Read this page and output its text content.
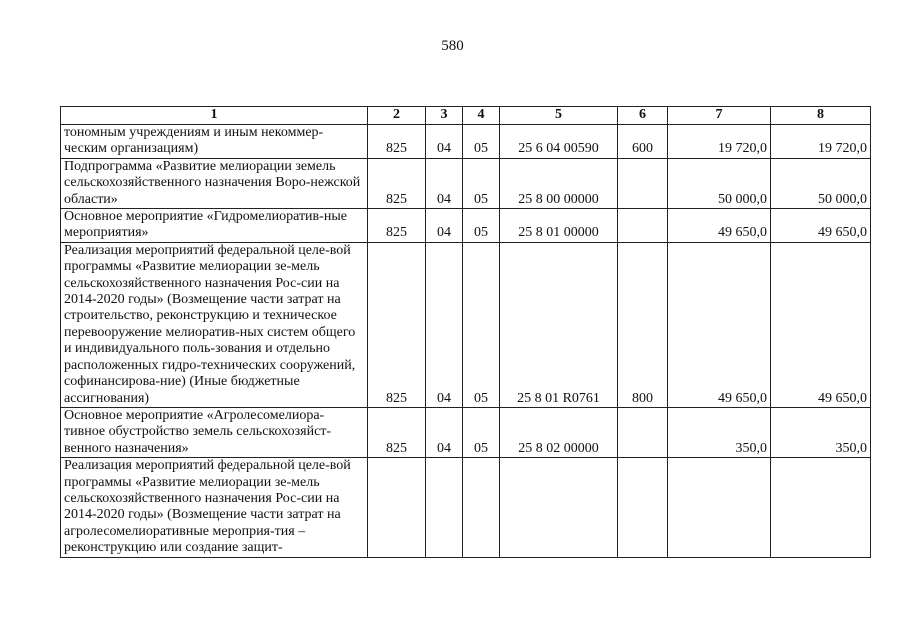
580
1	2	3	4	5	6	7	8
тономным учреждениям и иным некоммер-ческим организациям)	825	04	05	25 6 04 00590	600	19 720,0	19 720,0
Подпрограмма «Развитие мелиорации земель сельскохозяйственного назначения Воро-нежской области»	825	04	05	25 8 00 00000		50 000,0	50 000,0
Основное мероприятие «Гидромелиоратив-ные мероприятия»	825	04	05	25 8 01 00000		49 650,0	49 650,0
Реализация мероприятий федеральной целе-вой программы «Развитие мелиорации зе-мель сельскохозяйственного назначения Рос-сии на 2014-2020 годы» (Возмещение части затрат на строительство, реконструкцию и техническое перевооружение мелиоратив-ных систем общего и индивидуального поль-зования и отдельно расположенных гидро-технических сооружений, софинансирова-ние) (Иные бюджетные ассигнования)	825	04	05	25 8 01 R0761	800	49 650,0	49 650,0
Основное мероприятие «Агролесомелиора-тивное обустройство земель сельскохозяйст-венного назначения»	825	04	05	25 8 02 00000		350,0	350,0
Реализация мероприятий федеральной целе-вой программы «Развитие мелиорации зе-мель сельскохозяйственного назначения Рос-сии на 2014-2020 годы» (Возмещение части затрат на агролесомелиоративные мероприя-тия – реконструкцию или создание защит-							
